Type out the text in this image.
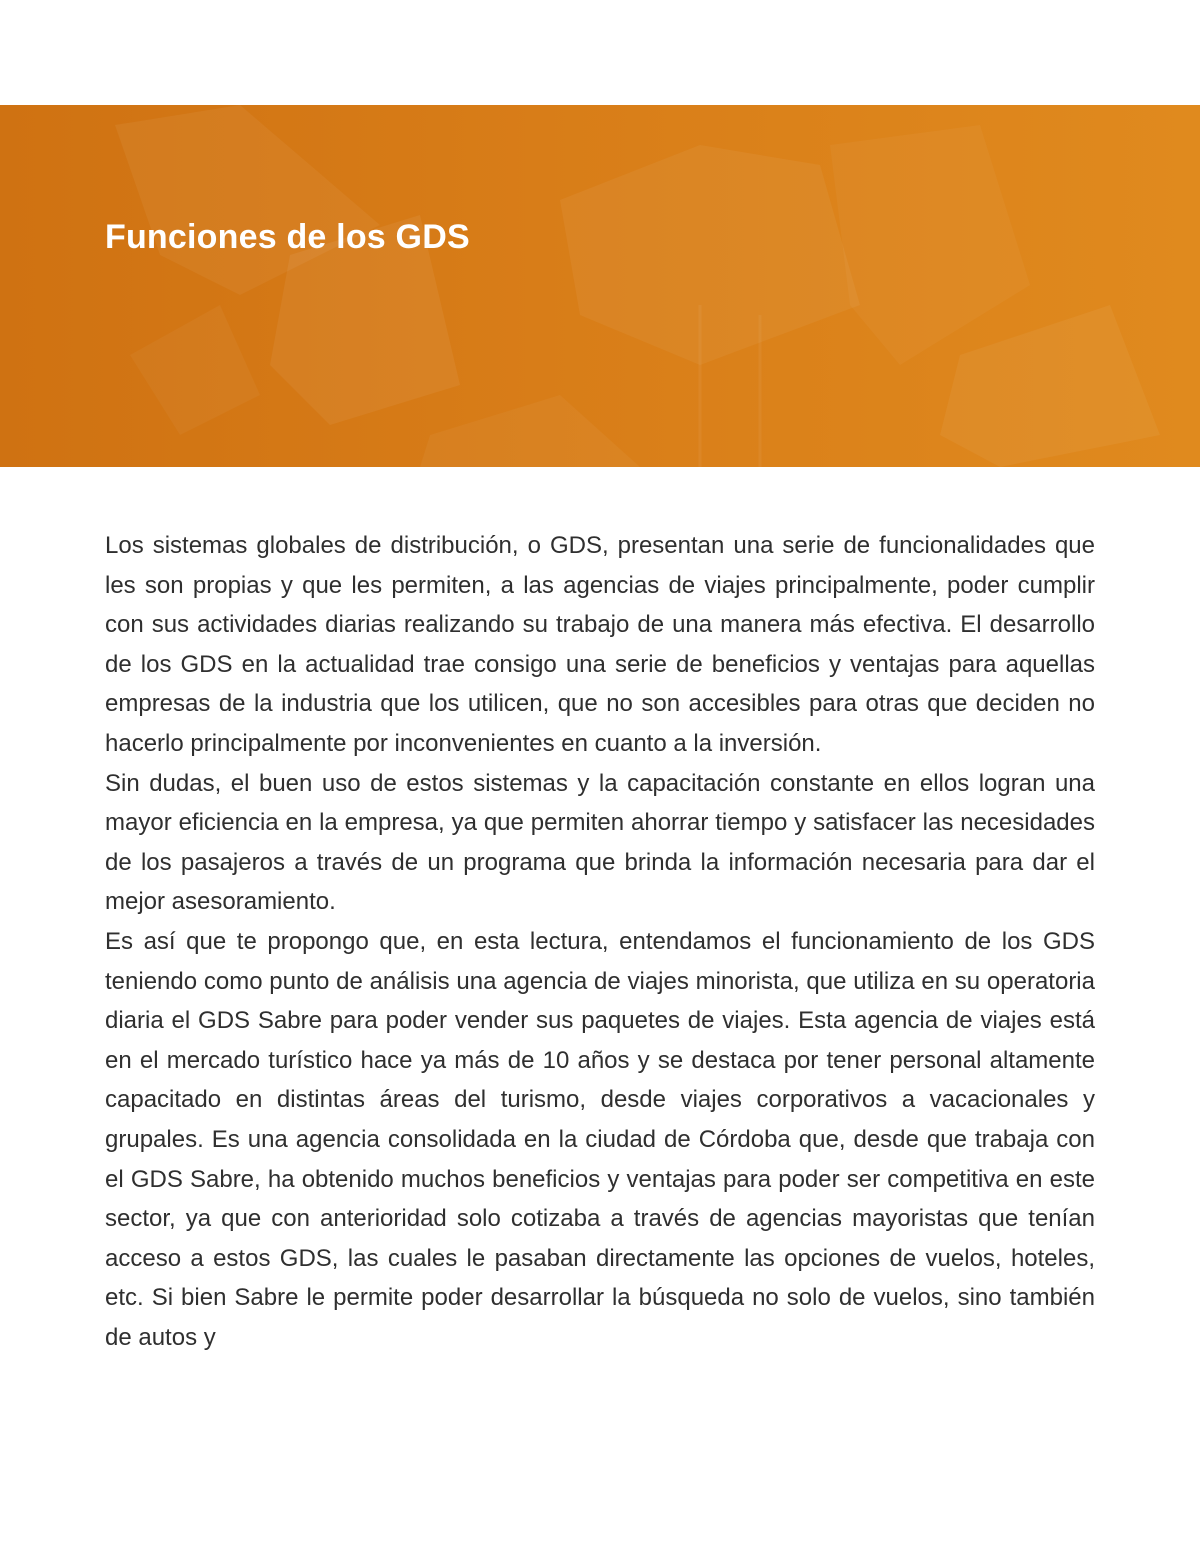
Funciones de los GDS

Los sistemas globales de distribución, o GDS, presentan una serie de funcionalidades que les son propias y que les permiten, a las agencias de viajes principalmente, poder cumplir con sus actividades diarias realizando su trabajo de una manera más efectiva. El desarrollo de los GDS en la actualidad trae consigo una serie de beneficios y ventajas para aquellas empresas de la industria que los utilicen, que no son accesibles para otras que deciden no hacerlo principalmente por inconvenientes en cuanto a la inversión.

Sin dudas, el buen uso de estos sistemas y la capacitación constante en ellos logran una mayor eficiencia en la empresa, ya que permiten ahorrar tiempo y satisfacer las necesidades de los pasajeros a través de un programa que brinda la información necesaria para dar el mejor asesoramiento.

Es así que te propongo que, en esta lectura, entendamos el funcionamiento de los GDS teniendo como punto de análisis una agencia de viajes minorista, que utiliza en su operatoria diaria el GDS Sabre para poder vender sus paquetes de viajes. Esta agencia de viajes está en el mercado turístico hace ya más de 10 años y se destaca por tener personal altamente capacitado en distintas áreas del turismo, desde viajes corporativos a vacacionales y grupales. Es una agencia consolidada en la ciudad de Córdoba que, desde que trabaja con el GDS Sabre, ha obtenido muchos beneficios y ventajas para poder ser competitiva en este sector, ya que con anterioridad solo cotizaba a través de agencias mayoristas que tenían acceso a estos GDS, las cuales le pasaban directamente las opciones de vuelos, hoteles, etc. Si bien Sabre le permite poder desarrollar la búsqueda no solo de vuelos, sino también de autos y
